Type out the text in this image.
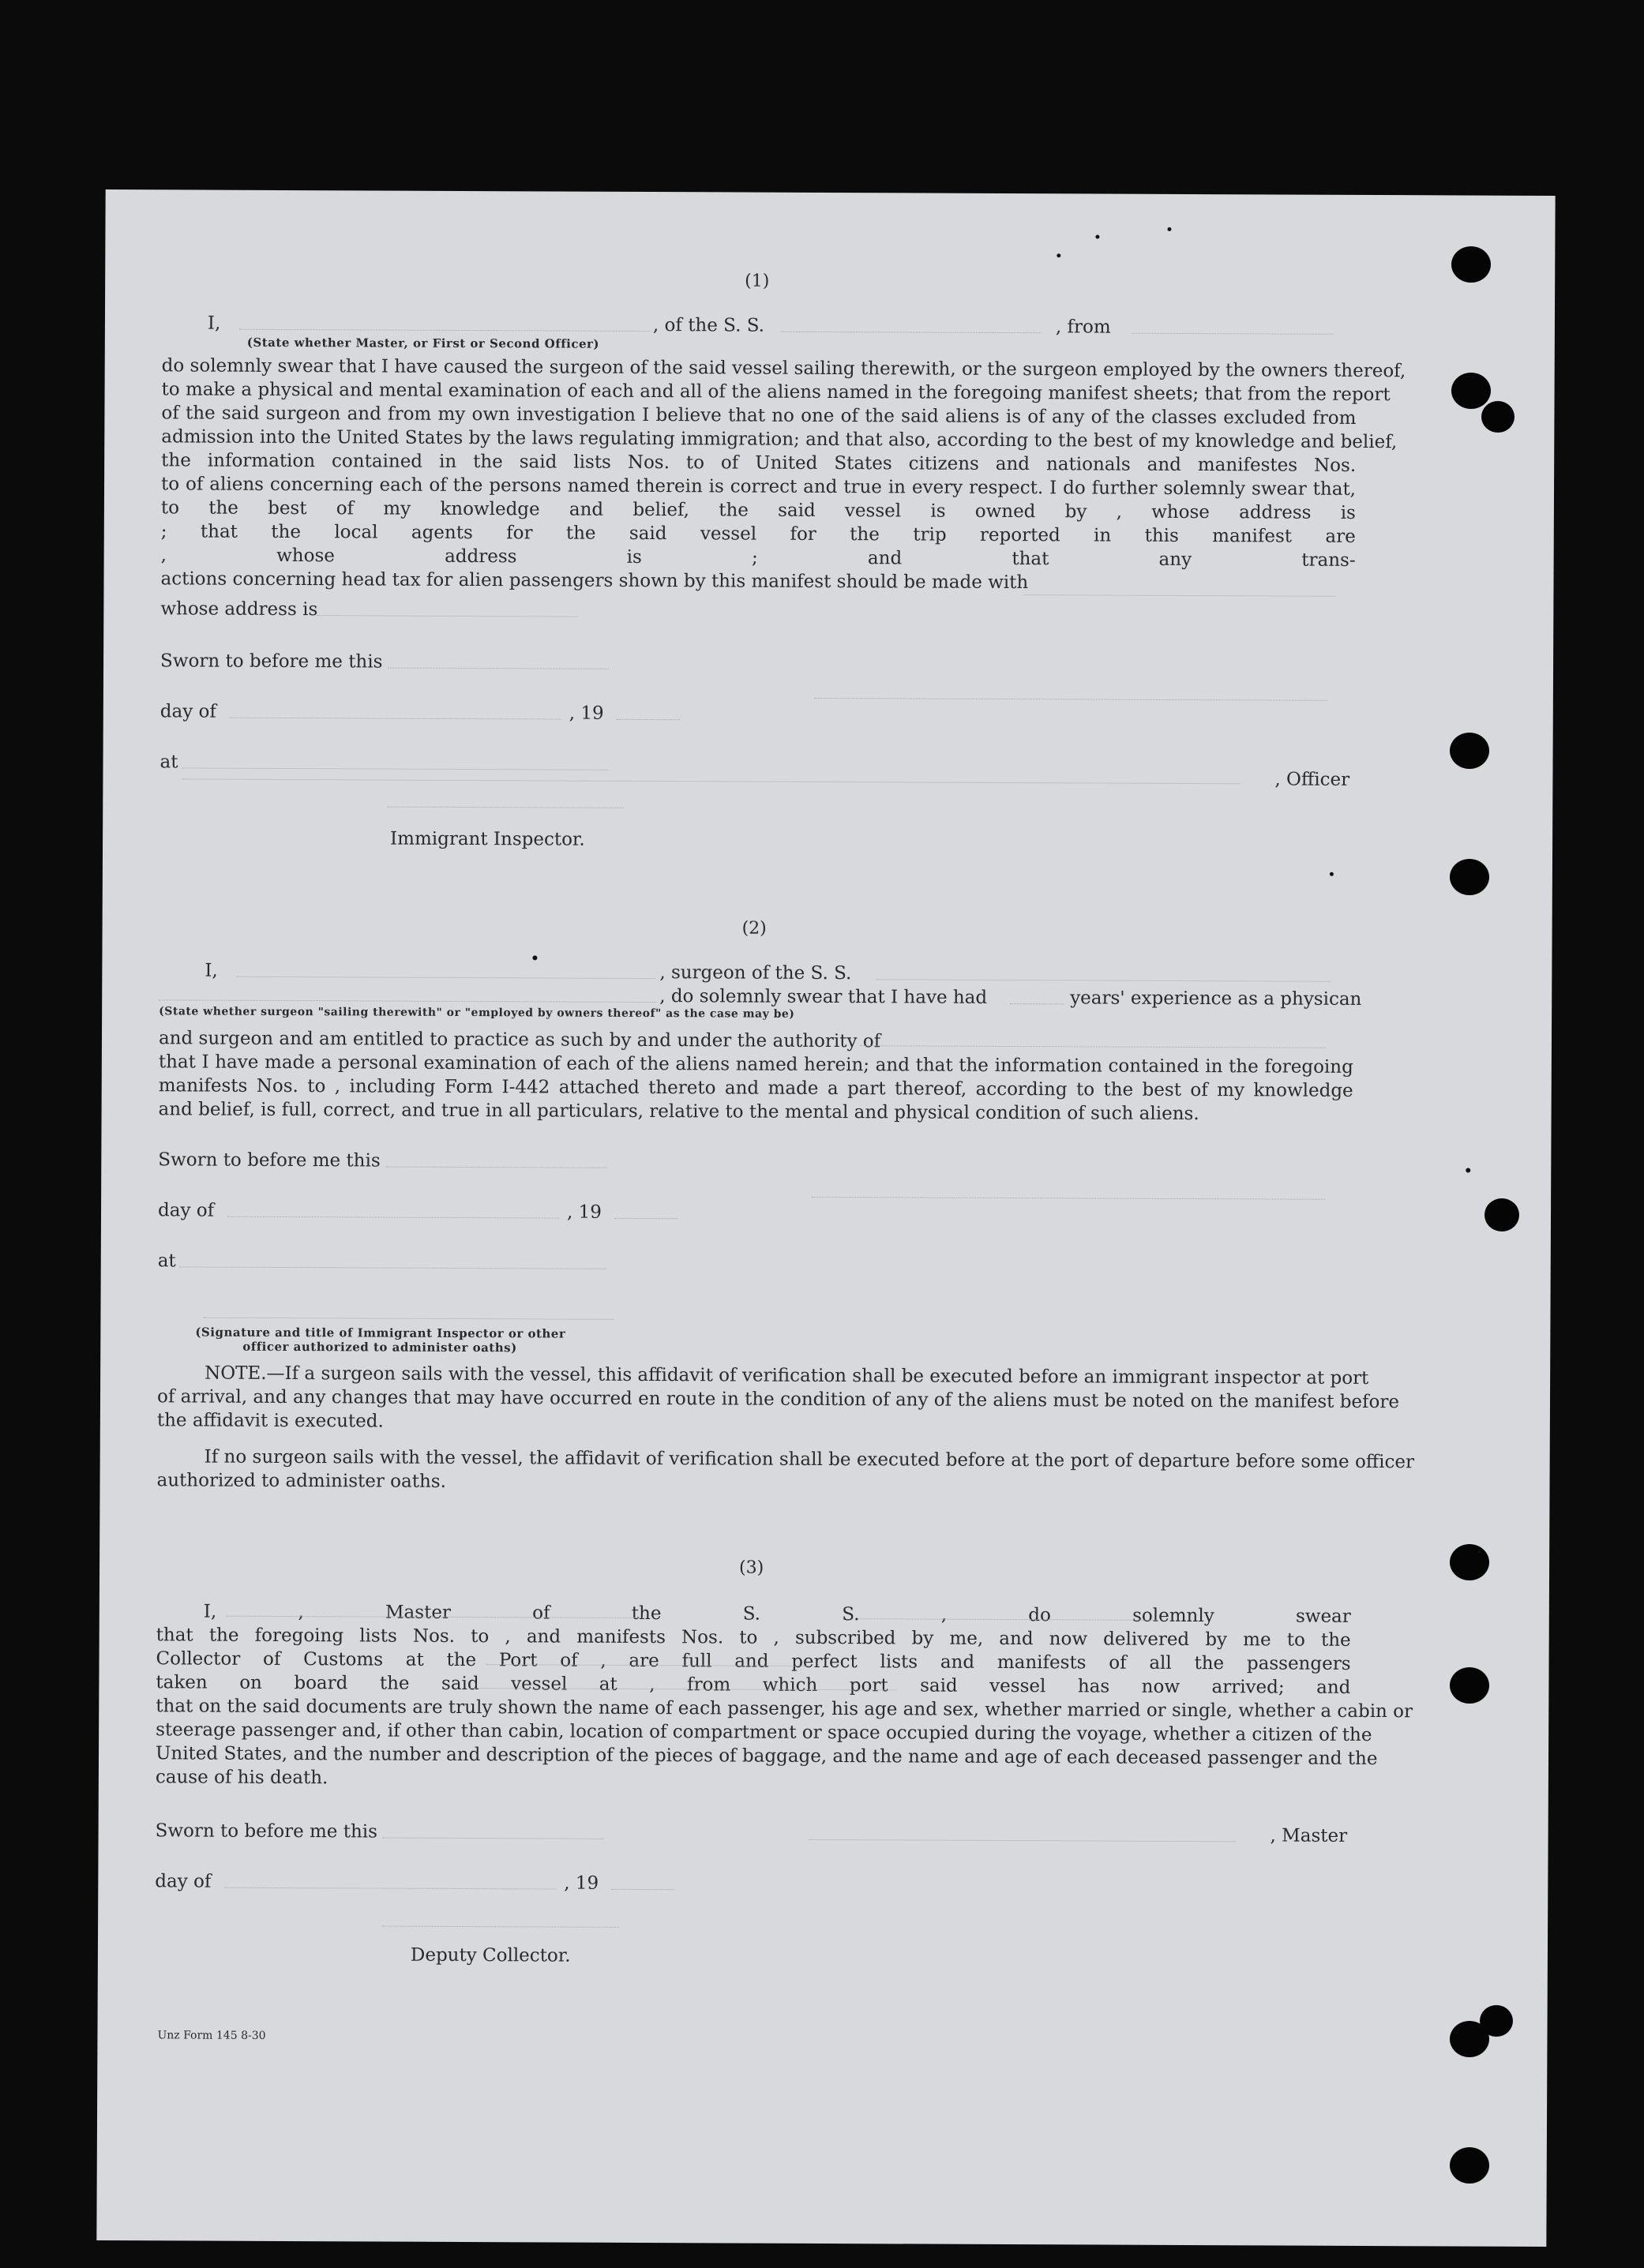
(1)
I,	, of the S. S.	, from
(State whether Master, or First or Second Officer)
do solemnly swear that I have caused the surgeon of the said vessel sailing therewith, or the surgeon employed by the owners thereof,
to make a physical and mental examination of each and all of the aliens named in the foregoing manifest sheets; that from the report
of the said surgeon and from my own investigation I believe that no one of the said aliens is of any of the classes excluded from
admission into the United States by the laws regulating immigration; and that also, according to the best of my knowledge and belief,
the information contained in the said lists Nos. to of United States citizens and nationals and manifestes Nos.
to of aliens concerning each of the persons named therein is correct and true in every respect. I do further solemnly swear that,
to the best of my knowledge and belief, the said vessel is owned by , whose address is
; that the local agents for the said vessel for the trip reported in this manifest are
, whose address is ; and that any trans-
actions concerning head tax for alien passengers shown by this manifest should be made with
whose address is
Sworn to before me this
day of	, 19
at
, Officer
Immigrant Inspector.
(2)
I,	, surgeon of the S. S.
, do solemnly swear that I have had	years' experience as a physican
(State whether surgeon "sailing therewith" or "employed by owners thereof" as the case may be)
and surgeon and am entitled to practice as such by and under the authority of
that I have made a personal examination of each of the aliens named herein; and that the information contained in the foregoing
manifests Nos. to , including Form I-442 attached thereto and made a part thereof, according to the best of my knowledge
and belief, is full, correct, and true in all particulars, relative to the mental and physical condition of such aliens.
Sworn to before me this
day of	, 19
at
(Signature and title of Immigrant Inspector or other
officer authorized to administer oaths)
NOTE.—If a surgeon sails with the vessel, this affidavit of verification shall be executed before an immigrant inspector at port
of arrival, and any changes that may have occurred en route in the condition of any of the aliens must be noted on the manifest before
the affidavit is executed.
If no surgeon sails with the vessel, the affidavit of verification shall be executed before at the port of departure before some officer
authorized to administer oaths.
(3)
I, , Master of the S. S. , do solemnly swear
that the foregoing lists Nos. to , and manifests Nos. to , subscribed by me, and now delivered by me to the
Collector of Customs at the Port of , are full and perfect lists and manifests of all the passengers
taken on board the said vessel at , from which port said vessel has now arrived; and
that on the said documents are truly shown the name of each passenger, his age and sex, whether married or single, whether a cabin or
steerage passenger and, if other than cabin, location of compartment or space occupied during the voyage, whether a citizen of the
United States, and the number and description of the pieces of baggage, and the name and age of each deceased passenger and the
cause of his death.
Sworn to before me this	, Master
day of	, 19
Deputy Collector.
Unz Form 145 8-30
